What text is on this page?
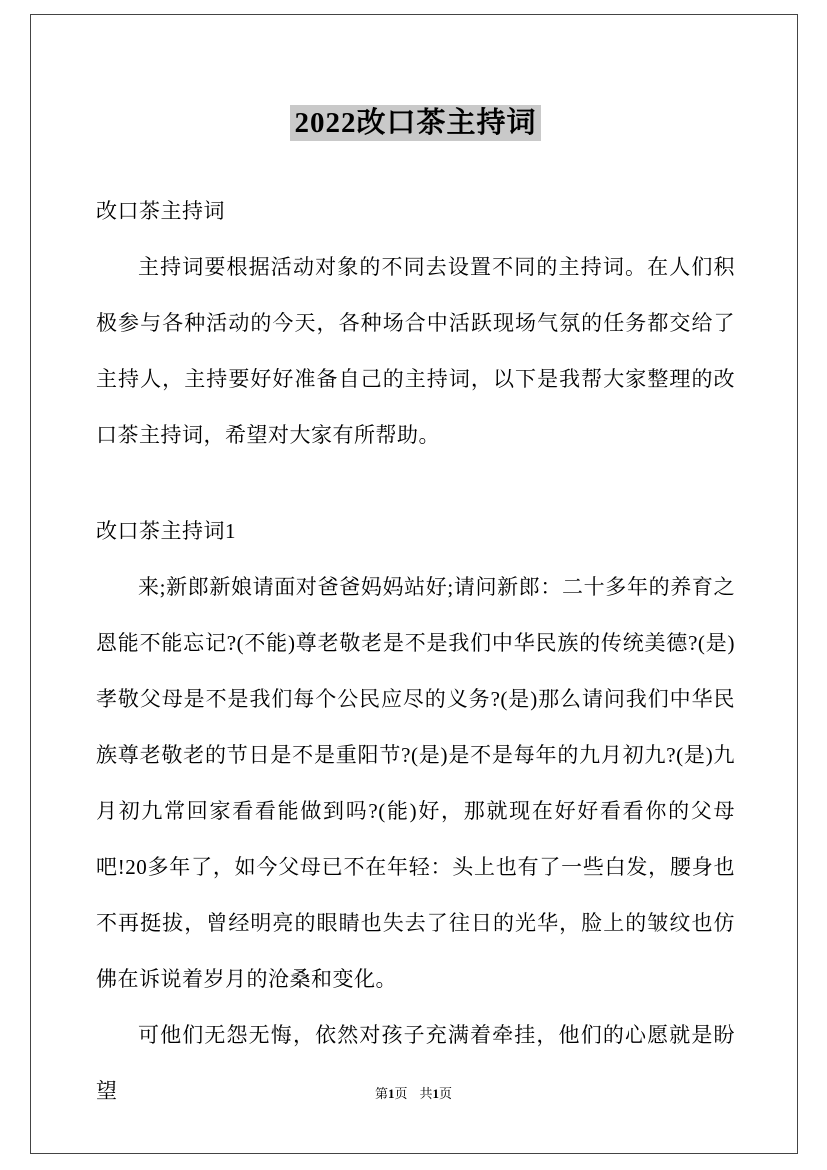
2022改口茶主持词

改口茶主持词

主持词要根据活动对象的不同去设置不同的主持词。在人们积极参与各种活动的今天，各种场合中活跃现场气氛的任务都交给了主持人，主持要好好准备自己的主持词，以下是我帮大家整理的改口茶主持词，希望对大家有所帮助。

改口茶主持词1

来;新郎新娘请面对爸爸妈妈站好;请问新郎：二十多年的养育之恩能不能忘记?(不能)尊老敬老是不是我们中华民族的传统美德?(是)孝敬父母是不是我们每个公民应尽的义务?(是)那么请问我们中华民族尊老敬老的节日是不是重阳节?(是)是不是每年的九月初九?(是)九月初九常回家看看能做到吗?(能)好，那就现在好好看看你的父母吧!20多年了，如今父母已不在年轻：头上也有了一些白发，腰身也不再挺拔，曾经明亮的眼睛也失去了往日的光华，脸上的皱纹也仿佛在诉说着岁月的沧桑和变化。

可他们无怨无悔，依然对孩子充满着牵挂，他们的心愿就是盼望	第1页 共1页
